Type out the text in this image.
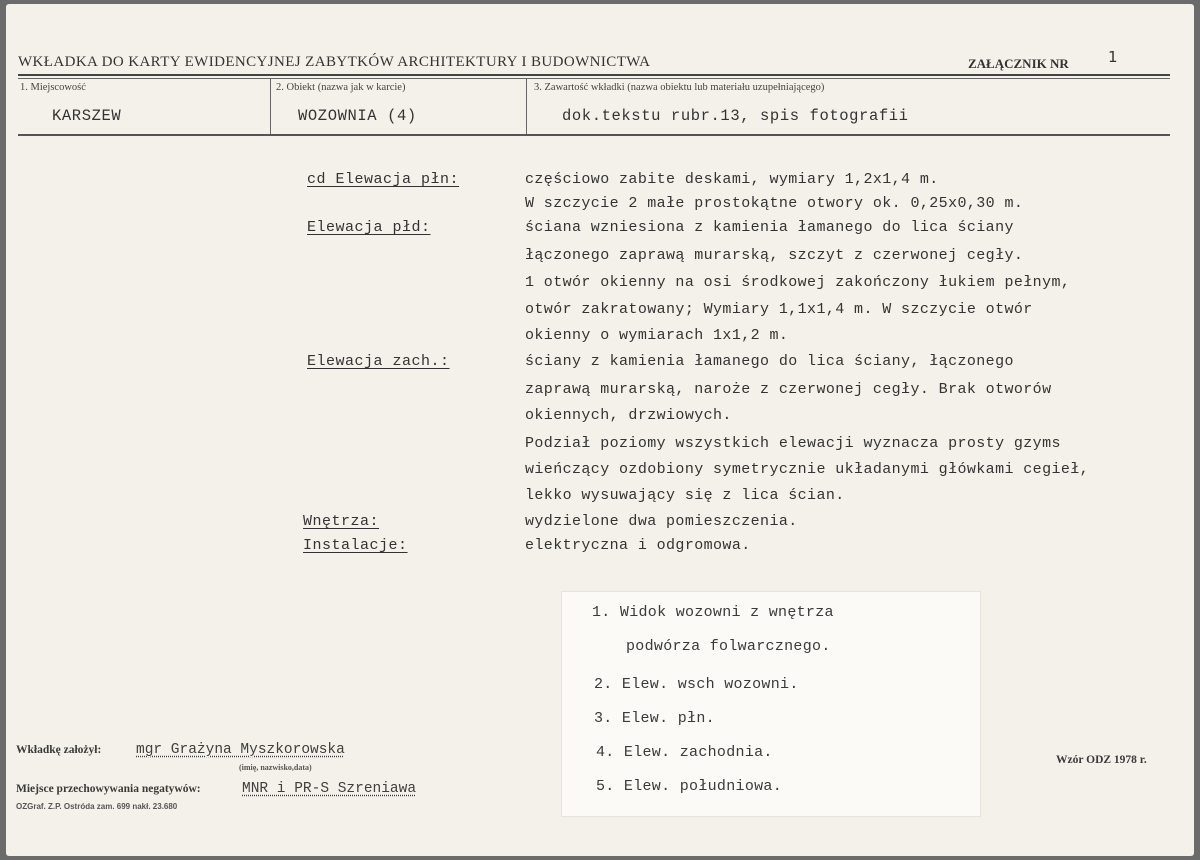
WKŁADKA DO KARTY EWIDENCYJNEJ ZABYTKÓW ARCHITEKTURY I BUDOWNICTWA	ZAŁĄCZNIK NR	1
1. Miejscowość
KARSZEW
2. Obiekt (nazwa jak w karcie)
WOZOWNIA (4)
3. Zawartość wkładki (nazwa obiektu lub materiału uzupełniającego)
dok.tekstu rubr.13, spis fotografii
cd Elewacja płn:	częściowo zabite deskami, wymiary 1,2x1,4 m.
W szczycie 2 małe prostokątne otwory ok. 0,25x0,30 m.
Elewacja płd:	ściana wzniesiona z kamienia łamanego do lica ściany
łączonego zaprawą murarską, szczyt z czerwonej cegły.
1 otwór okienny na osi środkowej zakończony łukiem pełnym,
otwór zakratowany; Wymiary 1,1x1,4 m. W szczycie otwór
okienny o wymiarach 1x1,2 m.
Elewacja zach.:	ściany z kamienia łamanego do lica ściany, łączonego
zaprawą murarską, naroże z czerwonej cegły. Brak otworów
okiennych, drzwiowych.
Podział poziomy wszystkich elewacji wyznacza prosty gzyms
wieńczący ozdobiony symetrycznie układanymi główkami cegieł,
lekko wysuwający się z lica ścian.
Wnętrza:	wydzielone dwa pomieszczenia.
Instalacje:	elektryczna i odgromowa.
1. Widok wozowni z wnętrza
podwórza folwarcznego.
2. Elew. wsch wozowni.
3. Elew. płn.
4. Elew. zachodnia.
5. Elew. południowa.
Wkładkę założył: mgr Grażyna Myszkorowska
(imię, nazwisko,data)
Miejsce przechowywania negatywów:	MNR i PR-S Szreniawa
OZGraf. Z.P. Ostróda zam. 699 nakł. 23.680
Wzór ODZ 1978 r.
